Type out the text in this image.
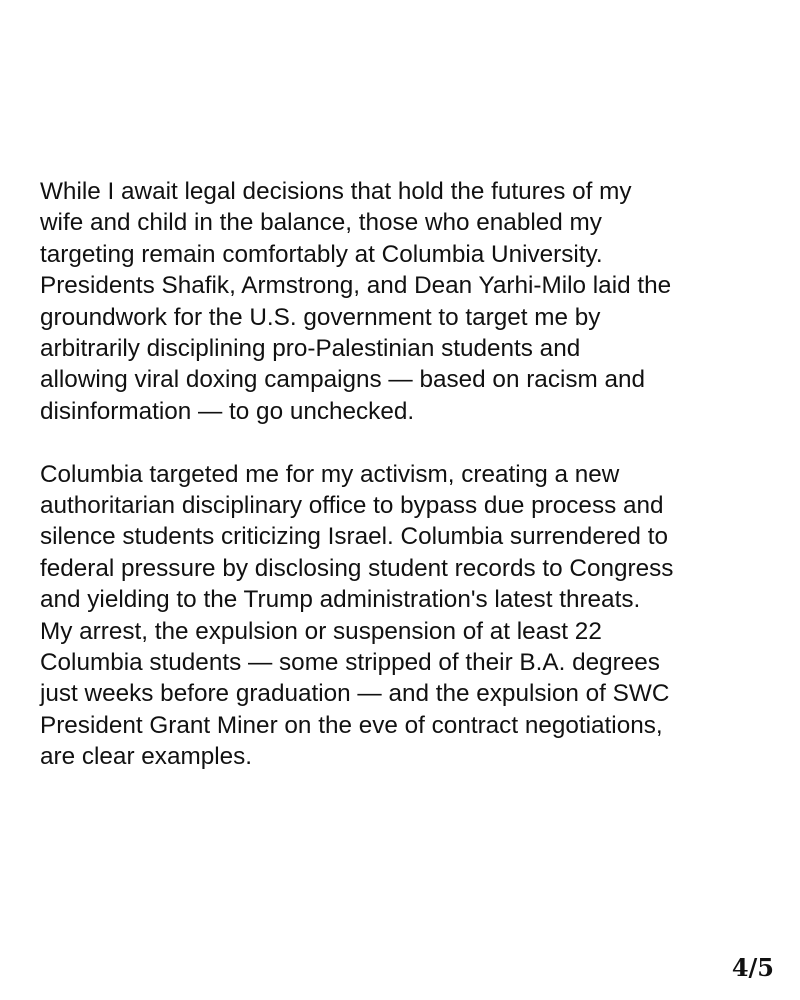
While I await legal decisions that hold the futures of my
wife and child in the balance, those who enabled my
targeting remain comfortably at Columbia University.
Presidents Shafik, Armstrong, and Dean Yarhi-Milo laid the
groundwork for the U.S. government to target me by
arbitrarily disciplining pro-Palestinian students and
allowing viral doxing campaigns — based on racism and
disinformation — to go unchecked.

Columbia targeted me for my activism, creating a new
authoritarian disciplinary office to bypass due process and
silence students criticizing Israel. Columbia surrendered to
federal pressure by disclosing student records to Congress
and yielding to the Trump administration's latest threats.
My arrest, the expulsion or suspension of at least 22
Columbia students — some stripped of their B.A. degrees
just weeks before graduation — and the expulsion of SWC
President Grant Miner on the eve of contract negotiations,
are clear examples.

4/5
